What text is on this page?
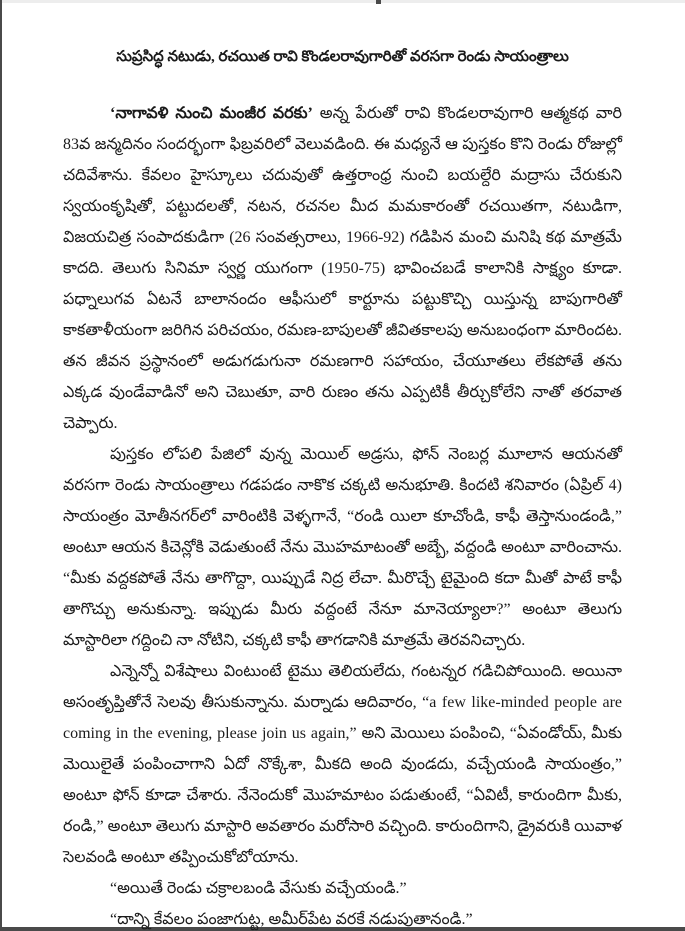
సుప్రసిద్ధ నటుడు, రచయిత రావి కొండలరావుగారితో వరసగా రెండు సాయంత్రాలు

‘నాగావళి నుంచి మంజీర వరకు’ అన్న పేరుతో రావి కొండలరావుగారి ఆత్మకథ వారి 83వ జన్మదినం సందర్భంగా ఫిబ్రవరిలో వెలువడింది. ఈ మధ్యనే ఆ పుస్తకం కొని రెండు రోజుల్లో చదివేశాను. కేవలం హైస్కూలు చదువుతో ఉత్తరాంధ్ర నుంచి బయల్దేరి మద్రాసు చేరుకుని స్వయంకృషితో, పట్టుదలతో, నటన, రచనల మీద మమకారంతో రచయితగా, నటుడిగా, విజయచిత్ర సంపాదకుడిగా (26 సంవత్సరాలు, 1966-92) గడిపిన మంచి మనిషి కథ మాత్రమే కాదది. తెలుగు సినిమా స్వర్ణ యుగంగా (1950-75) భావించబడే కాలానికి సాక్ష్యం కూడా. పధ్నాలుగవ ఏటనే బాలానందం ఆఫీసులో కార్టూను పట్టుకొచ్చి యిస్తున్న బాపుగారితో కాకతాళీయంగా జరిగిన పరిచయం, రమణ-బాపులతో జీవితకాలపు అనుబంధంగా మారిందట. తన జీవన ప్రస్థానంలో అడుగడుగునా రమణగారి సహాయం, చేయూతలు లేకపోతే తను ఎక్కడ వుండేవాడినో అని చెబుతూ, వారి రుణం తను ఎప్పటికీ తీర్చుకోలేని నాతో తరవాత చెప్పారు.

పుస్తకం లోపలి పేజిలో వున్న మెయిల్ అడ్రసు, ఫోన్ నెంబర్ల మూలాన ఆయనతో వరసగా రెండు సాయంత్రాలు గడపడం నాకొక చక్కటి అనుభూతి. కిందటి శనివారం (ఏప్రిల్ 4) సాయంత్రం మోతీనగర్‌లో వారింటికి వెళ్ళగానే, “రండి యిలా కూచోండి, కాఫీ తెస్తానుండండి,” అంటూ ఆయన కిచెన్లోకి వెడుతుంటే నేను మొహమాటంతో అబ్బే, వద్దండి అంటూ వారించాను. “మీకు వద్దకపోతే నేను తాగొద్దా, యిప్పుడే నిద్ర లేచా. మీరొచ్చే టైమైంది కదా మీతో పాటే కాఫీ తాగొచ్చు అనుకున్నా. ఇప్పుడు మీరు వద్దంటే నేనూ మానెయ్యాలా?” అంటూ తెలుగు మాస్టారిలా గద్దించి నా నోటిని, చక్కటి కాఫీ తాగడానికి మాత్రమే తెరవనిచ్చారు.

ఎన్నెన్నో విశేషాలు వింటుంటే టైము తెలియలేదు, గంటన్నర గడిచిపోయింది. అయినా అసంతృప్తితోనే సెలవు తీసుకున్నాను. మర్నాడు ఆదివారం, “a few like-minded people are coming in the evening, please join us again,” అని మెయిలు పంపించి, “ఏవండోయ్, మీకు మెయిలైతే పంపించాగాని ఏదో నొక్కేశా, మీకది అంది వుండదు, వచ్చేయండి సాయంత్రం,” అంటూ ఫోన్ కూడా చేశారు. నేనెందుకో మొహమాటం పడుతుంటే, “ఏవిటీ, కారుందిగా మీకు, రండి,” అంటూ తెలుగు మాస్టారి అవతారం మరోసారి వచ్చింది. కారుందిగాని, డ్రైవరుకి యివాళ సెలవండి అంటూ తప్పించుకోబోయాను.

“అయితే రెండు చక్రాలబండి వేసుకు వచ్చేయండి.”

“దాన్ని కేవలం పంజాగుట్ట, అమీర్‌పేట వరకే నడుపుతానండి.”
